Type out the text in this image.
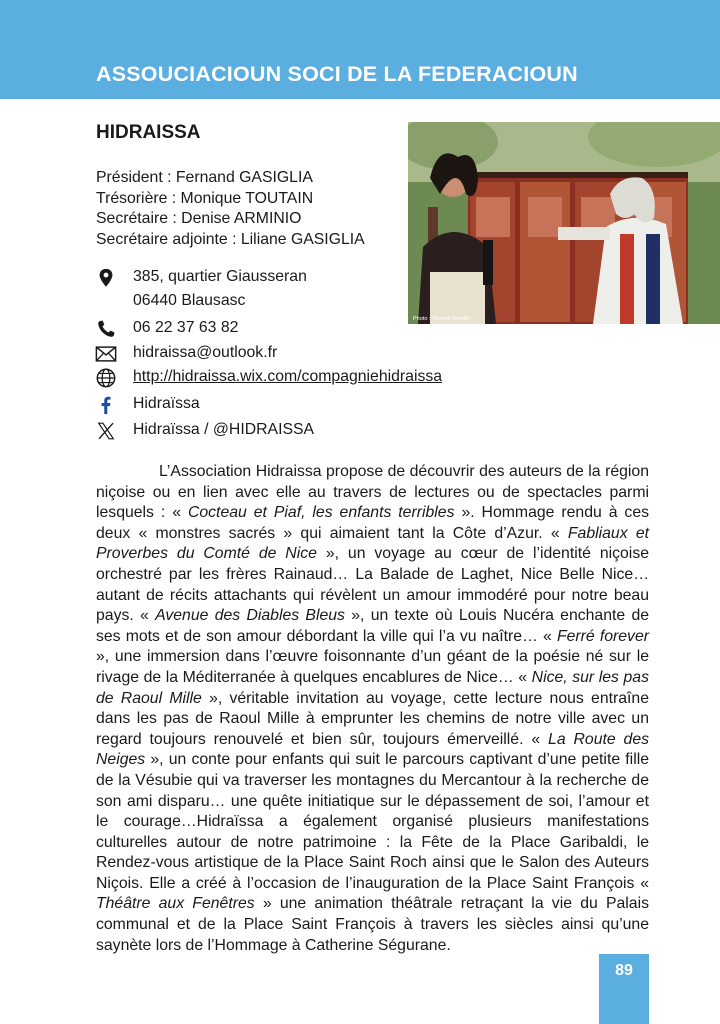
ASSOUCIACIOUN SOCI DE LA FEDERACIOUN
HIDRAISSA
Président : Fernand GASIGLIA
Trésorière : Monique TOUTAIN
Secrétaire : Denise ARMINIO
Secrétaire adjointe : Liliane GASIGLIA
Photo : Yannick Arnolfo
385, quartier Giausseran
06440 Blausasc
06 22 37 63 82
hidraissa@outlook.fr
http://hidraissa.wix.com/compagniehidraissa
Hidraïssa
Hidraïssa / @HIDRAISSA

L’Association Hidraissa propose de découvrir des auteurs de la région niçoise ou en lien avec elle au travers de lectures ou de spectacles parmi lesquels : « Cocteau et Piaf, les enfants terribles ». Hommage rendu à ces deux « monstres sacrés » qui aimaient tant la Côte d’Azur. « Fabliaux et Proverbes du Comté de Nice », un voyage au cœur de l’identité niçoise orchestré par les frères Rainaud… La Balade de Laghet, Nice Belle Nice… autant de récits attachants qui révèlent un amour immodéré pour notre beau pays. « Avenue des Diables Bleus », un texte où Louis Nucéra enchante de ses mots et de son amour débordant la ville qui l’a vu naître… « Ferré forever », une immersion dans l’œuvre foisonnante d’un géant de la poésie né sur le rivage de la Méditerranée à quelques encablures de Nice… « Nice, sur les pas de Raoul Mille », véritable invitation au voyage, cette lecture nous entraîne dans les pas de Raoul Mille à emprunter les chemins de notre ville avec un regard toujours renouvelé et bien sûr, toujours émerveillé. « La Route des Neiges », un conte pour enfants qui suit le parcours captivant d’une petite fille de la Vésubie qui va traverser les montagnes du Mercantour à la recherche de son ami disparu… une quête initiatique sur le dépassement de soi, l’amour et le courage…Hidraïssa a également organisé plusieurs manifestations culturelles autour de notre patrimoine : la Fête de la Place Garibaldi, le Rendez-vous artistique de la Place Saint Roch ainsi que le Salon des Auteurs Niçois. Elle a créé à l’occasion de l’inauguration de la Place Saint François « Théâtre aux Fenêtres » une animation théâtrale retraçant la vie du Palais communal et de la Place Saint François à travers les siècles ainsi qu’une saynète lors de l’Hommage à Catherine Ségurane.

89
